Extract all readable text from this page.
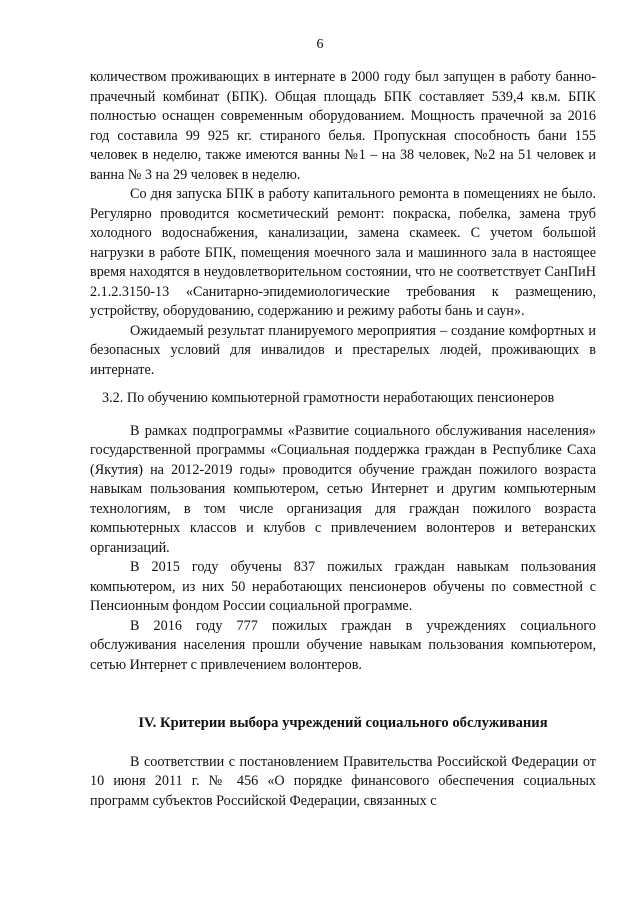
6

количеством проживающих в интернате в 2000 году был запущен в работу банно-прачечный комбинат (БПК). Общая площадь БПК составляет 539,4 кв.м. БПК полностью оснащен современным оборудованием. Мощность прачечной за 2016 год составила 99 925 кг. стираного белья. Пропускная способность бани 155 человек в неделю, также имеются ванны №1 – на 38 человек, №2 на 51 человек и ванна № 3 на 29 человек в неделю.

Со дня запуска БПК в работу капитального ремонта в помещениях не было. Регулярно проводится косметический ремонт: покраска, побелка, замена труб холодного водоснабжения, канализации, замена скамеек. С учетом большой нагрузки в работе БПК, помещения моечного зала и машинного зала в настоящее время находятся в неудовлетворительном состоянии, что не соответствует СанПиН 2.1.2.3150-13 «Санитарно-эпидемиологические требования к размещению, устройству, оборудованию, содержанию и режиму работы бань и саун».

Ожидаемый результат планируемого мероприятия – создание комфортных и безопасных условий для инвалидов и престарелых людей, проживающих в интернате.

3.2. По обучению компьютерной грамотности неработающих пенсионеров

В рамках подпрограммы «Развитие социального обслуживания населения» государственной программы «Социальная поддержка граждан в Республике Саха (Якутия) на 2012-2019 годы» проводится обучение граждан пожилого возраста навыкам пользования компьютером, сетью Интернет и другим компьютерным технологиям, в том числе организация для граждан пожилого возраста компьютерных классов и клубов с привлечением волонтеров и ветеранских организаций.

В 2015 году обучены 837 пожилых граждан навыкам пользования компьютером, из них 50 неработающих пенсионеров обучены по совместной с Пенсионным фондом России социальной программе.

В 2016 году 777 пожилых граждан в учреждениях социального обслуживания населения прошли обучение навыкам пользования компьютером, сетью Интернет с привлечением волонтеров.

IV. Критерии выбора учреждений социального обслуживания

В соответствии с постановлением Правительства Российской Федерации от 10 июня 2011 г. № 456 «О порядке финансового обеспечения социальных программ субъектов Российской Федерации, связанных с
